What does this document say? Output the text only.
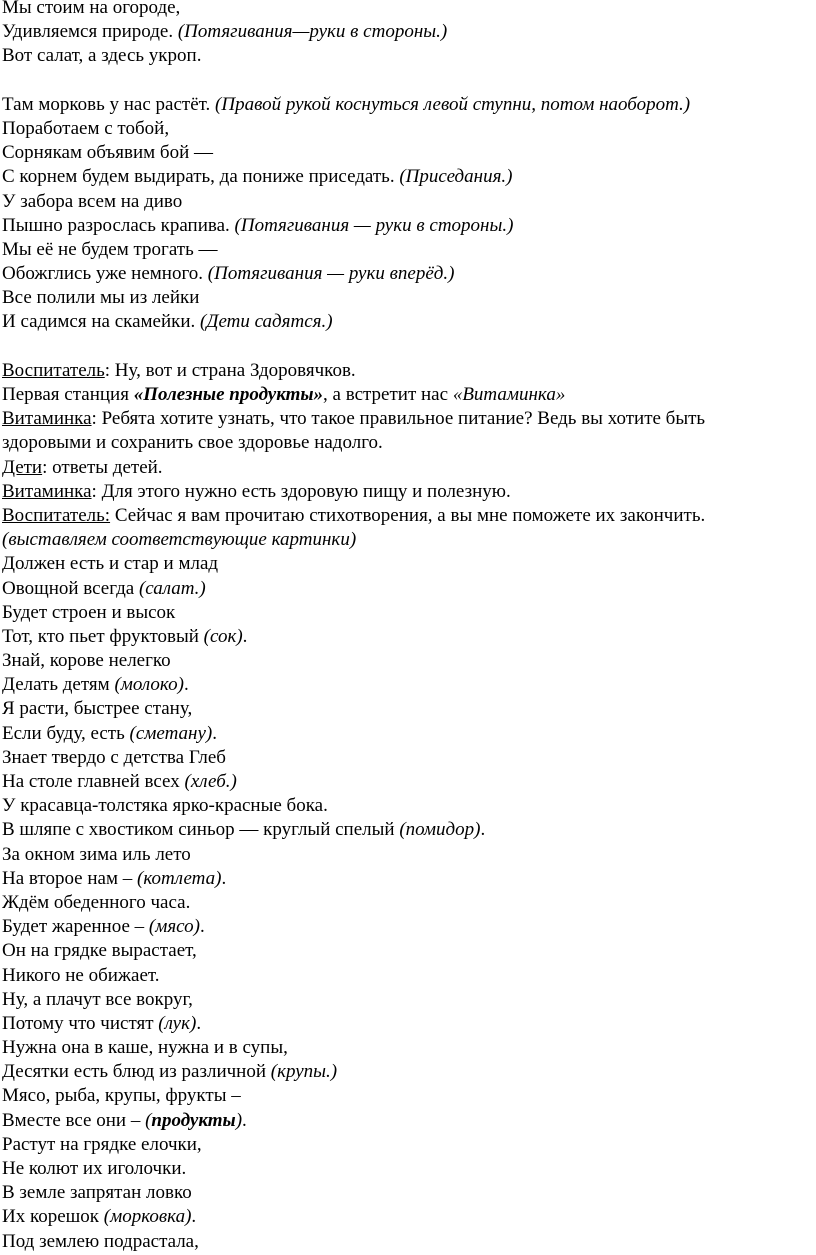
Мы стоим на огороде,
Удивляемся природе. (Потягивания—руки в стороны.)
Вот салат, а здесь укроп.
Там морковь у нас растёт. (Правой рукой коснуться левой ступни, потом наоборот.)
Поработаем с тобой,
Сорнякам объявим бой —
С корнем будем выдирать, да пониже приседать. (Приседания.)
У забора всем на диво
Пышно разрослась крапива. (Потягивания — руки в стороны.)
Мы её не будем трогать —
Обожглись уже немного. (Потягивания — руки вперёд.)
Все полили мы из лейки
И садимся на скамейки. (Дети садятся.)
Воспитатель: Ну, вот и страна Здоровячков.
Первая станция «Полезные продукты», а встретит нас «Витаминка»
Витаминка: Ребята хотите узнать, что такое правильное питание? Ведь вы хотите быть
здоровыми и сохранить свое здоровье надолго.
Дети: ответы детей.
Витаминка: Для этого нужно есть здоровую пищу и полезную.
Воспитатель: Сейчас я вам прочитаю стихотворения, а вы мне поможете их закончить.
(выставляем соответствующие картинки)
Должен есть и стар и млад
Овощной всегда (салат.)
Будет строен и высок
Тот, кто пьет фруктовый (сок).
Знай, корове нелегко
Делать детям (молоко).
Я расти, быстрее стану,
Если буду, есть (сметану).
Знает твердо с детства Глеб
На столе главней всех (хлеб.)
У красавца-толстяка ярко-красные бока.
В шляпе с хвостиком синьор — круглый спелый (помидор).
За окном зима иль лето
На второе нам – (котлета).
Ждём обеденного часа.
Будет жаренное – (мясо).
Он на грядке вырастает,
Никого не обижает.
Ну, а плачут все вокруг,
Потому что чистят (лук).
Нужна она в каше, нужна и в супы,
Десятки есть блюд из различной (крупы.)
Мясо, рыба, крупы, фрукты –
Вместе все они – (продукты).
Растут на грядке елочки,
Не колют их иголочки.
В земле запрятан ловко
Их корешок (морковка).
Под землею подрастала,
